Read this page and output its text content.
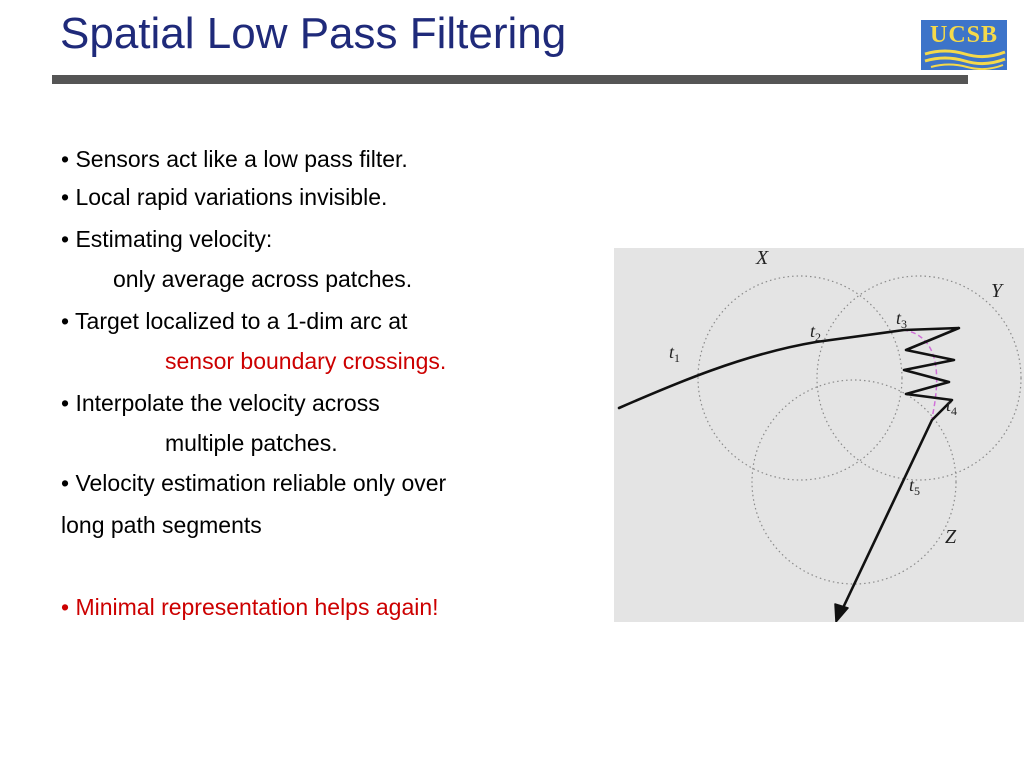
Spatial Low Pass Filtering	UCSB
• Sensors act like a low pass filter.
• Local rapid variations invisible.
• Estimating velocity:
only average across patches.
• Target localized to a 1-dim arc at
sensor boundary crossings.
• Interpolate the velocity across
multiple patches.
• Velocity estimation reliable only over
long path segments
• Minimal representation helps again!
X
Y
Z
$t_1$
$t_2$
$t_3$
$t_4$
$t_5$
